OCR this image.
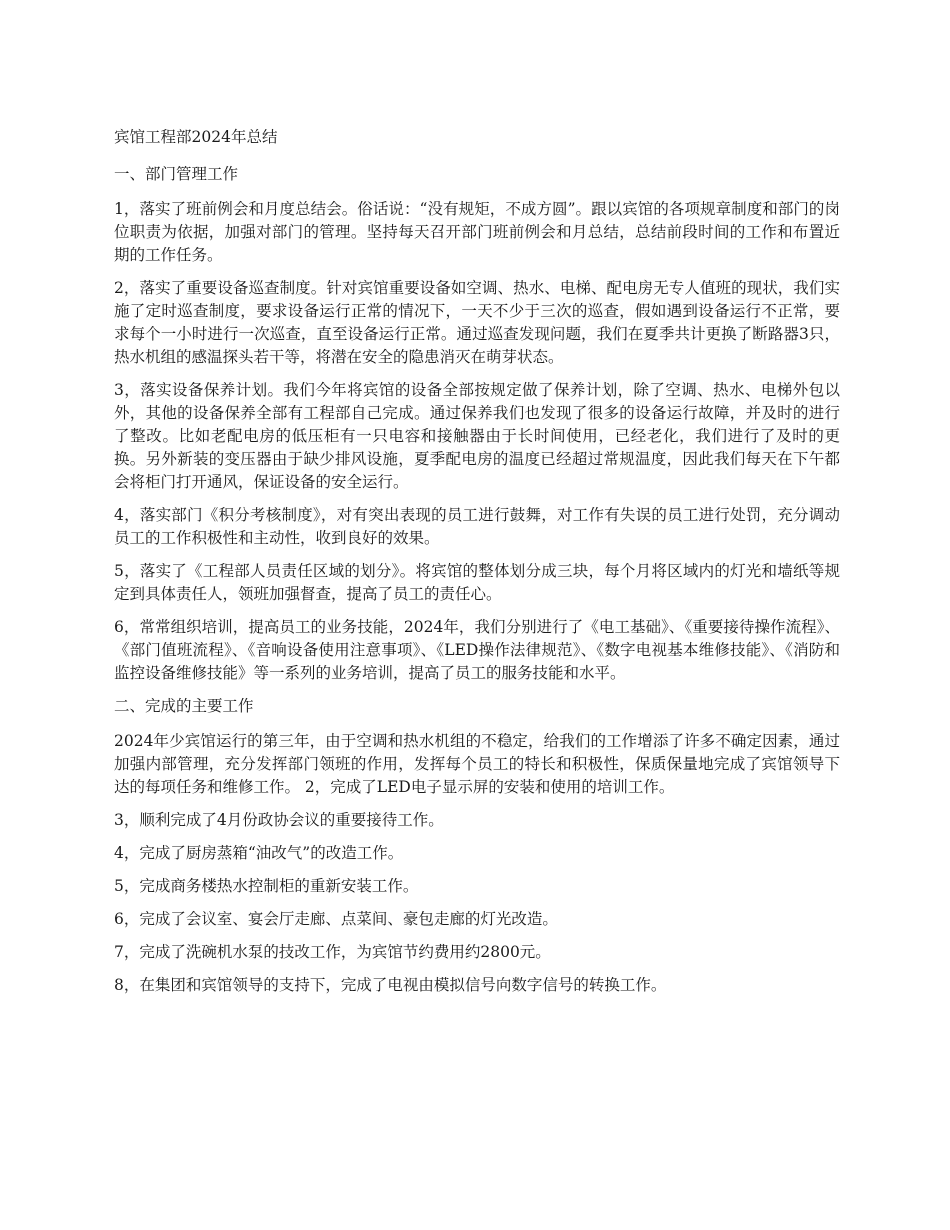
宾馆工程部2024年总结

一、部门管理工作

1，落实了班前例会和月度总结会。俗话说：“没有规矩，不成方圆”。跟以宾馆的各项规章制度和部门的岗位职责为依据，加强对部门的管理。坚持每天召开部门班前例会和月总结，总结前段时间的工作和布置近期的工作任务。

2，落实了重要设备巡查制度。针对宾馆重要设备如空调、热水、电梯、配电房无专人值班的现状，我们实施了定时巡查制度，要求设备运行正常的情况下，一天不少于三次的巡查，假如遇到设备运行不正常，要求每个一小时进行一次巡查，直至设备运行正常。通过巡查发现问题，我们在夏季共计更换了断路器3只，热水机组的感温探头若干等，将潜在安全的隐患消灭在萌芽状态。

3，落实设备保养计划。我们今年将宾馆的设备全部按规定做了保养计划，除了空调、热水、电梯外包以外，其他的设备保养全部有工程部自己完成。通过保养我们也发现了很多的设备运行故障，并及时的进行了整改。比如老配电房的低压柜有一只电容和接触器由于长时间使用，已经老化，我们进行了及时的更换。另外新装的变压器由于缺少排风设施，夏季配电房的温度已经超过常规温度，因此我们每天在下午都会将柜门打开通风，保证设备的安全运行。

4，落实部门《积分考核制度》，对有突出表现的员工进行鼓舞，对工作有失误的员工进行处罚，充分调动员工的工作积极性和主动性，收到良好的效果。

5，落实了《工程部人员责任区域的划分》。将宾馆的整体划分成三块，每个月将区域内的灯光和墙纸等规定到具体责任人，领班加强督查，提高了员工的责任心。

6，常常组织培训，提高员工的业务技能，2024年，我们分别进行了《电工基础》、《重要接待操作流程》、《部门值班流程》、《音响设备使用注意事项》、《LED操作法律规范》、《数字电视基本维修技能》、《消防和监控设备维修技能》等一系列的业务培训，提高了员工的服务技能和水平。

二、完成的主要工作

2024年少宾馆运行的第三年，由于空调和热水机组的不稳定，给我们的工作增添了许多不确定因素，通过加强内部管理，充分发挥部门领班的作用，发挥每个员工的特长和积极性，保质保量地完成了宾馆领导下达的每项任务和维修工作。 2，完成了LED电子显示屏的安装和使用的培训工作。

3，顺利完成了4月份政协会议的重要接待工作。

4，完成了厨房蒸箱“油改气”的改造工作。

5，完成商务楼热水控制柜的重新安装工作。

6，完成了会议室、宴会厅走廊、点菜间、豪包走廊的灯光改造。

7，完成了洗碗机水泵的技改工作，为宾馆节约费用约2800元。

8，在集团和宾馆领导的支持下，完成了电视由模拟信号向数字信号的转换工作。
